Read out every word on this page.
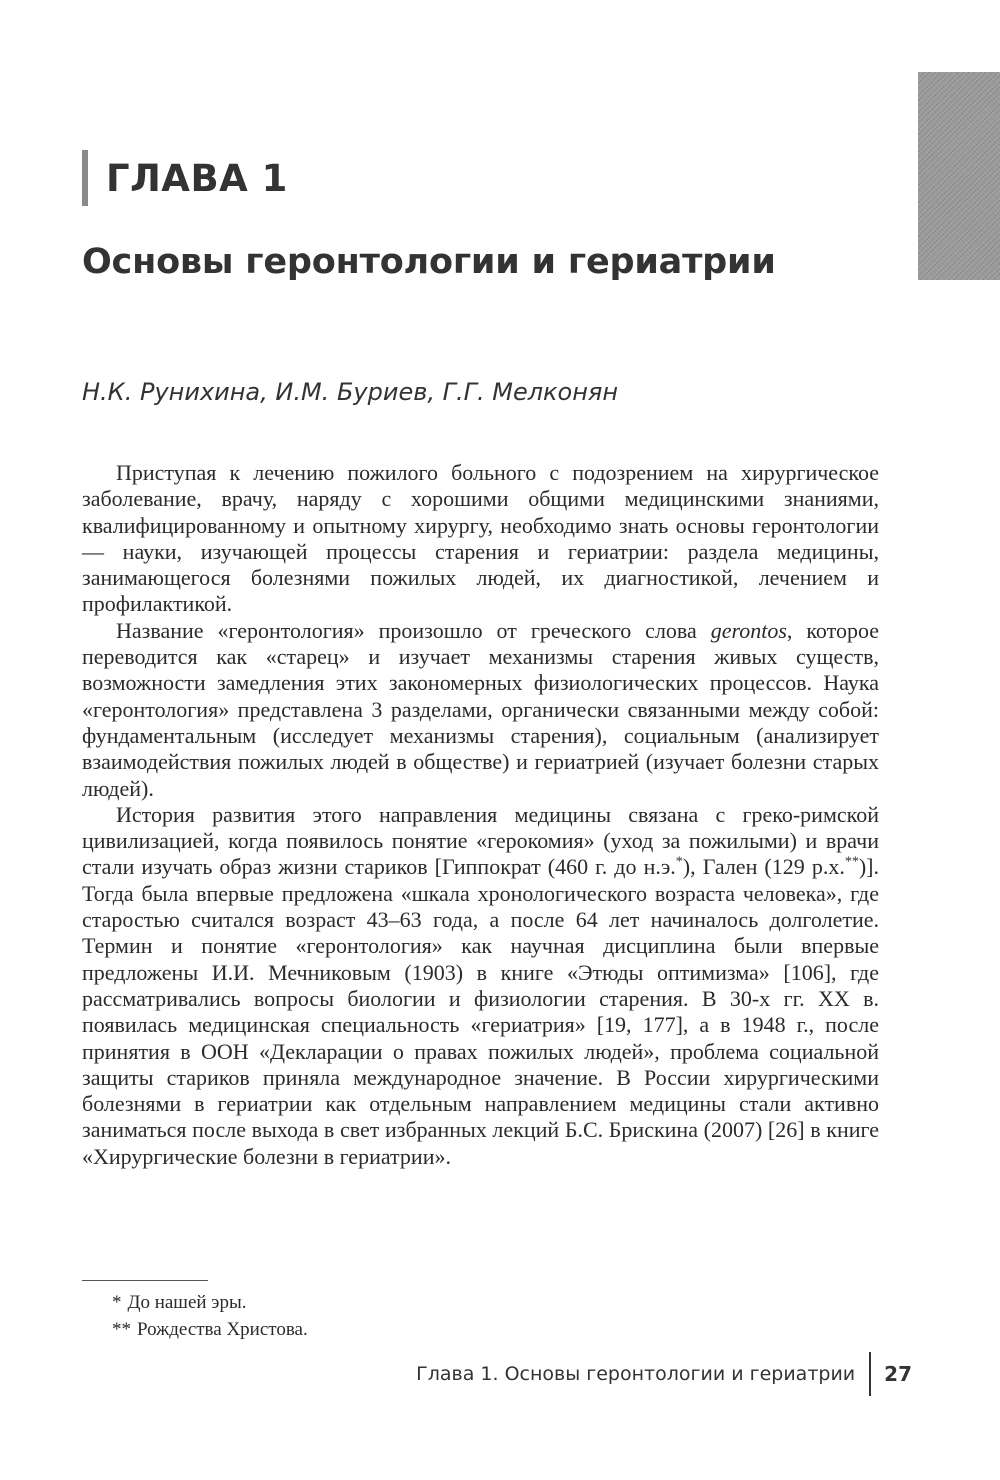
ГЛАВА 1
Основы геронтологии и гериатрии
Н.К. Рунихина, И.М. Буриев, Г.Г. Мелконян

Приступая к лечению пожилого больного с подозрением на хирургическое заболевание, врачу, наряду с хорошими общими медицинскими знаниями, квалифицированному и опытному хирургу, необходимо знать основы геронтологии — науки, изучающей процессы старения и гериатрии: раздела медицины, занимающегося болезнями пожилых людей, их диагностикой, лечением и профилактикой.

Название «геронтология» произошло от греческого слова gerontos, которое переводится как «старец» и изучает механизмы старения живых существ, возможности замедления этих закономерных физиологических процессов. Наука «геронтология» представлена 3 разделами, органически связанными между собой: фундаментальным (исследует механизмы старения), социальным (анализирует взаимодействия пожилых людей в обществе) и гериатрией (изучает болезни старых людей).

История развития этого направления медицины связана с греко-римской цивилизацией, когда появилось понятие «герокомия» (уход за пожилыми) и врачи стали изучать образ жизни стариков [Гиппократ (460 г. до н.э.*), Гален (129 р.х.**)]. Тогда была впервые предложена «шкала хронологического возраста человека», где старостью считался возраст 43–63 года, а после 64 лет начиналось долголетие. Термин и понятие «геронтология» как научная дисциплина были впервые предложены И.И. Мечниковым (1903) в книге «Этюды оптимизма» [106], где рассматривались вопросы биологии и физиологии старения. В 30-х гг. XX в. появилась медицинская специальность «гериатрия» [19, 177], а в 1948 г., после принятия в ООН «Декларации о правах пожилых людей», проблема социальной защиты стариков приняла международное значение. В России хирургическими болезнями в гериатрии как отдельным направлением медицины стали активно заниматься после выхода в свет избранных лекций Б.С. Брискина (2007) [26] в книге «Хирургические болезни в гериатрии».

* До нашей эры.
** Рождества Христова.
Глава 1. Основы геронтологии и гериатрии 27
